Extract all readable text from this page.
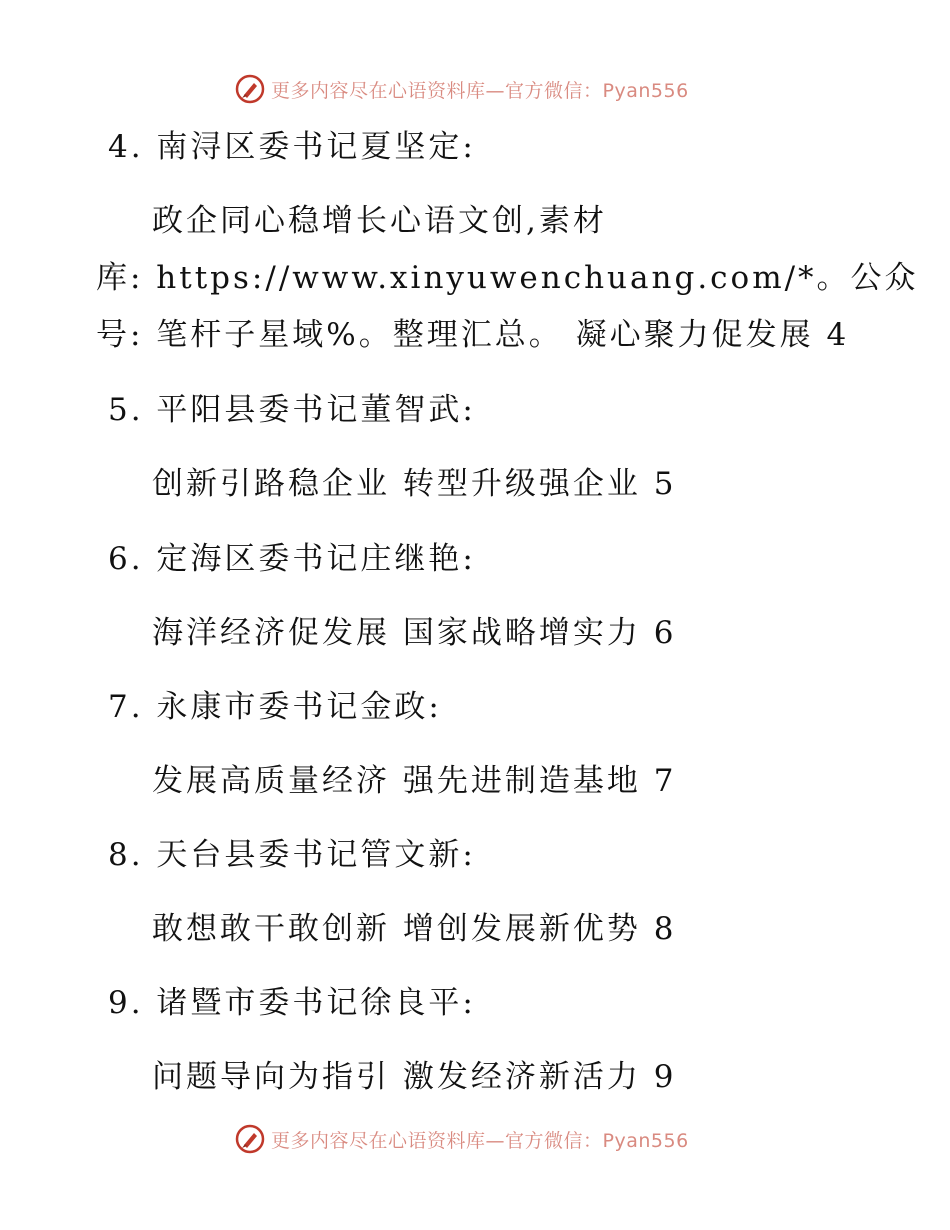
更多内容尽在心语资料库—官方微信：Pyan556
4. 南浔区委书记夏坚定:
政企同心稳增长心语文创,素材
库: https://www.xinyuwenchuang.com/*。公众
号: 笔杆子星域%。整理汇总。 凝心聚力促发展 4
5. 平阳县委书记董智武:
创新引路稳企业 转型升级强企业 5
6. 定海区委书记庄继艳:
海洋经济促发展 国家战略增实力 6
7. 永康市委书记金政:
发展高质量经济 强先进制造基地 7
8. 天台县委书记管文新:
敢想敢干敢创新 增创发展新优势 8
9. 诸暨市委书记徐良平:
问题导向为指引 激发经济新活力 9
更多内容尽在心语资料库—官方微信：Pyan556
